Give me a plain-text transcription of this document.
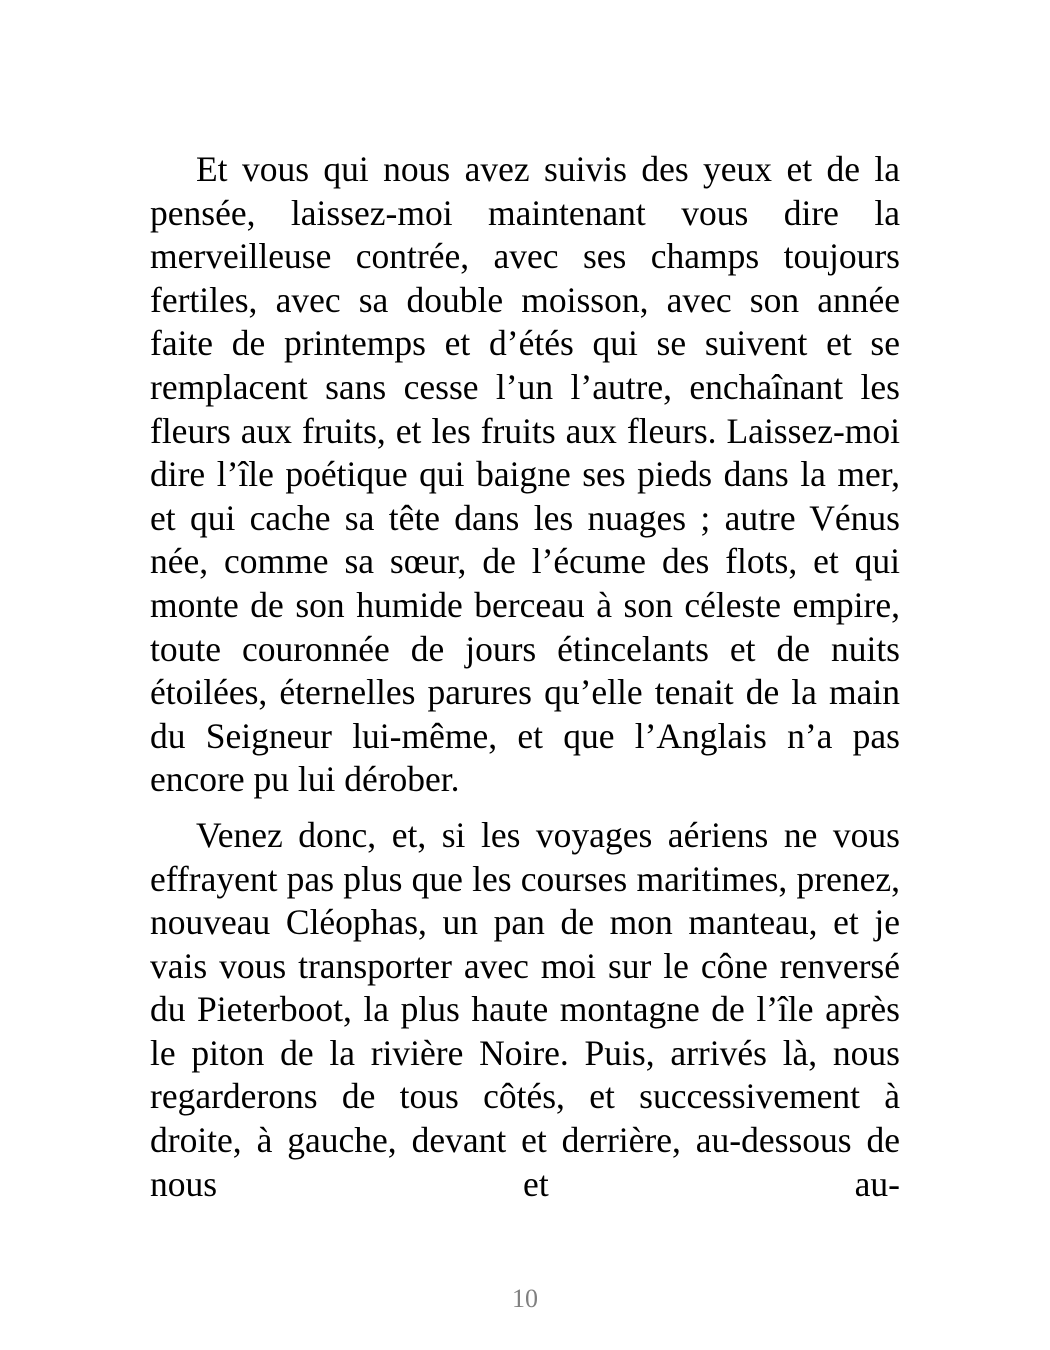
Et vous qui nous avez suivis des yeux et de la pensée, laissez-moi maintenant vous dire la merveilleuse contrée, avec ses champs toujours fertiles, avec sa double moisson, avec son année faite de printemps et d’étés qui se suivent et se remplacent sans cesse l’un l’autre, enchaînant les fleurs aux fruits, et les fruits aux fleurs. Laissez-moi dire l’île poétique qui baigne ses pieds dans la mer, et qui cache sa tête dans les nuages ; autre Vénus née, comme sa sœur, de l’écume des flots, et qui monte de son humide berceau à son céleste empire, toute couronnée de jours étincelants et de nuits étoilées, éternelles parures qu’elle tenait de la main du Seigneur lui-même, et que l’Anglais n’a pas encore pu lui dérober.

Venez donc, et, si les voyages aériens ne vous effrayent pas plus que les courses maritimes, prenez, nouveau Cléophas, un pan de mon manteau, et je vais vous transporter avec moi sur le cône renversé du Pieterboot, la plus haute montagne de l’île après le piton de la rivière Noire. Puis, arrivés là, nous regarderons de tous côtés, et successivement à droite, à gauche, devant et derrière, au-dessous de nous et au-

10
